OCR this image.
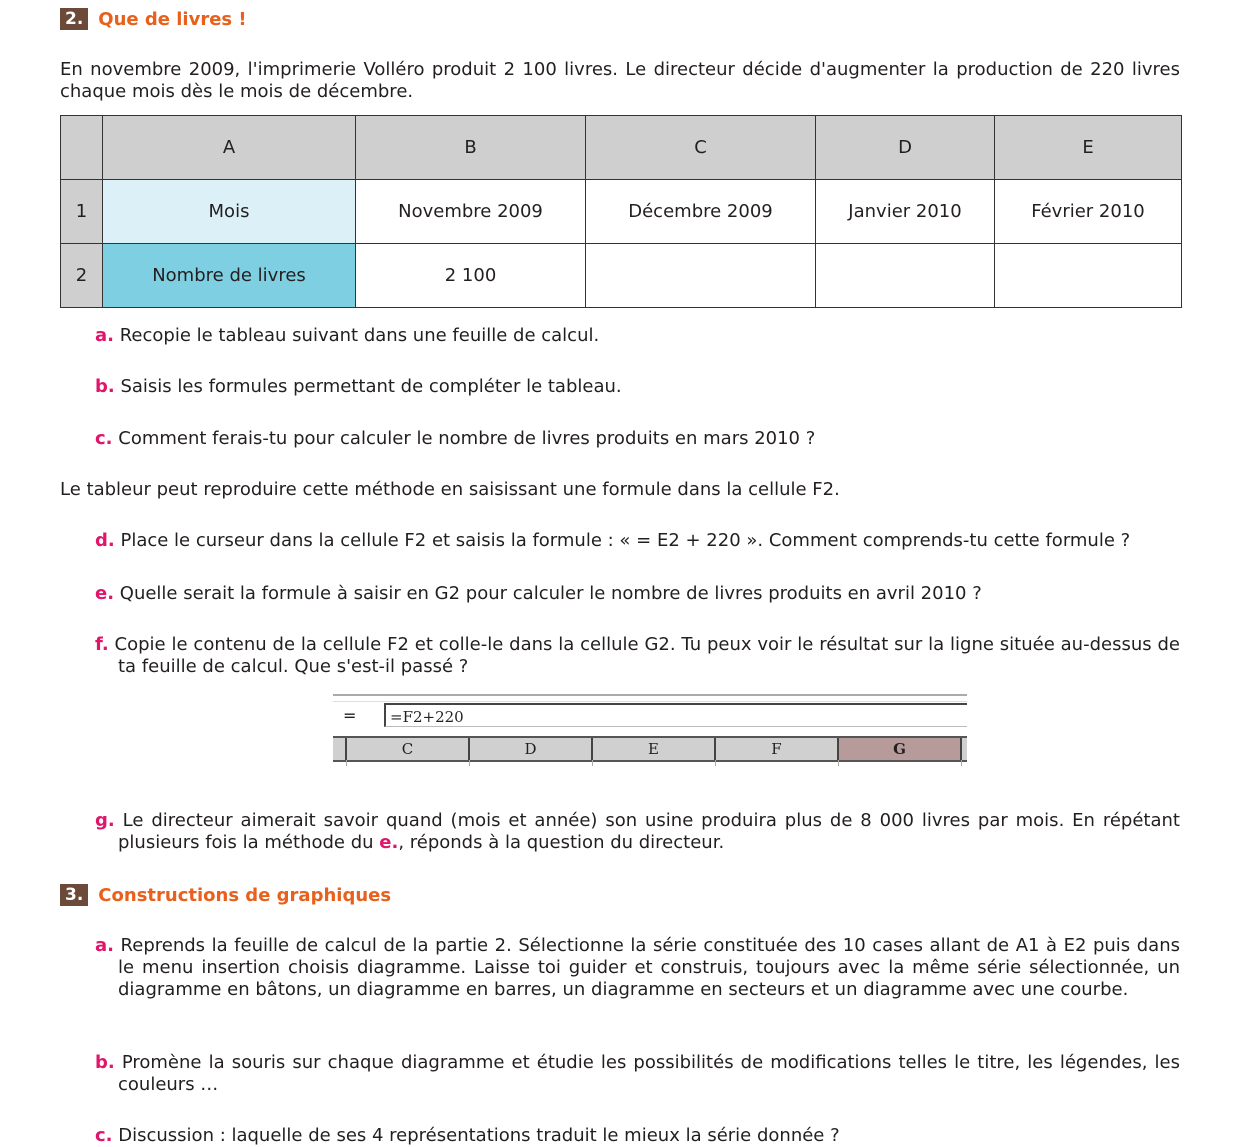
2. Que de livres !
En novembre 2009, l'imprimerie Volléro produit 2 100 livres. Le directeur décide d'augmenter la production de 220 livres chaque mois dès le mois de décembre.
	A	B	C	D	E
1	Mois	Novembre 2009	Décembre 2009	Janvier 2010	Février 2010
2	Nombre de livres	2 100			
a. Recopie le tableau suivant dans une feuille de calcul.
b. Saisis les formules permettant de compléter le tableau.
c. Comment ferais-tu pour calculer le nombre de livres produits en mars 2010 ?
Le tableur peut reproduire cette méthode en saisissant une formule dans la cellule F2.
d. Place le curseur dans la cellule F2 et saisis la formule : « = E2 + 220 ». Comment comprends-tu cette formule ?
e. Quelle serait la formule à saisir en G2 pour calculer le nombre de livres produits en avril 2010 ?
f. Copie le contenu de la cellule F2 et colle-le dans la cellule G2. Tu peux voir le résultat sur la ligne située au-dessus de ta feuille de calcul. Que s'est-il passé ?
=	=F2+220
C	D	E	F	G
g. Le directeur aimerait savoir quand (mois et année) son usine produira plus de 8 000 livres par mois. En répétant plusieurs fois la méthode du e., réponds à la question du directeur.
3. Constructions de graphiques
a. Reprends la feuille de calcul de la partie 2. Sélectionne la série constituée des 10 cases allant de A1 à E2 puis dans le menu insertion choisis diagramme. Laisse toi guider et construis, toujours avec la même série sélectionnée, un diagramme en bâtons, un diagramme en barres, un diagramme en secteurs et un diagramme avec une courbe.
b. Promène la souris sur chaque diagramme et étudie les possibilités de modifications telles le titre, les légendes, les couleurs …
c. Discussion : laquelle de ses 4 représentations traduit le mieux la série donnée ?
